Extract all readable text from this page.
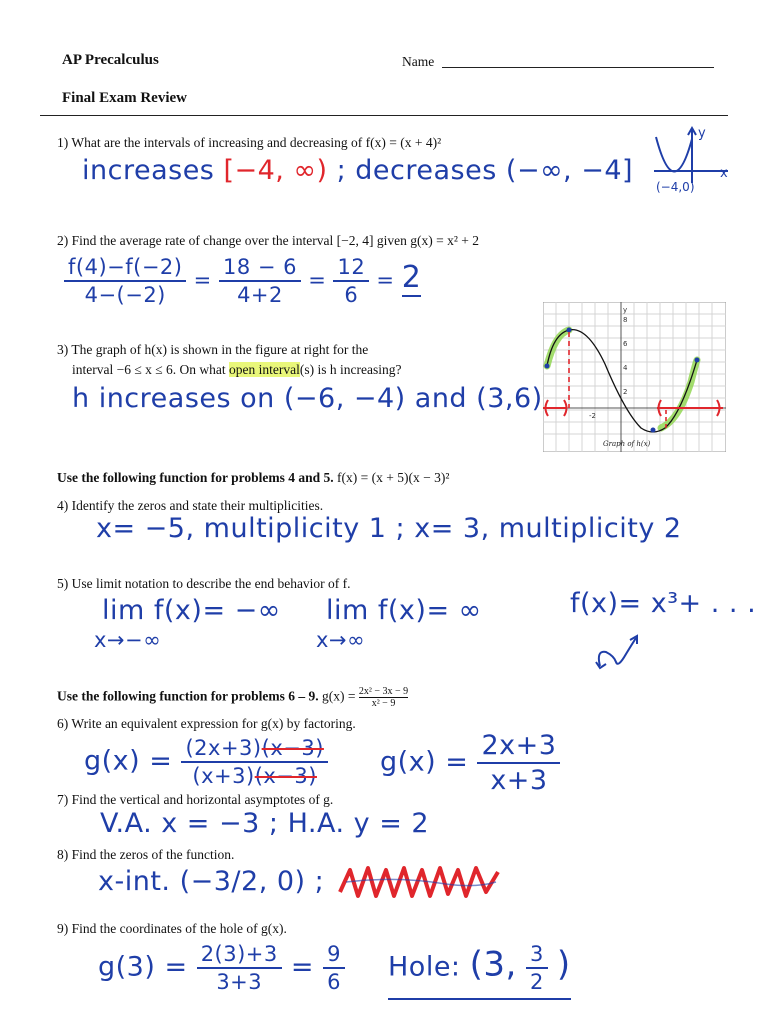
AP Precalculus	Name
Final Exam Review
1) What are the intervals of increasing and decreasing of f(x) = (x + 4)²
increases [−4, ∞) ; decreases (−∞, −4]
y
x
(−4,0)
2) Find the average rate of change over the interval [−2, 4] given g(x) = x² + 2
$\frac{f(4)-f(-2)}{4-(-2)} = \frac{18 - 6}{4+2} = \frac{12}{6} = 2$
3) The graph of h(x) is shown in the figure at right for the
interval −6 ≤ x ≤ 6. On what open interval(s) is h increasing?
h increases on (−6, −4) and (3,6)
y
8
6
4
2
-2
Graph of h(x)
Use the following function for problems 4 and 5. f(x) = (x + 5)(x − 3)²
4) Identify the zeros and state their multiplicities.
x= −5, multiplicity 1 ; x= 3, multiplicity 2
5) Use limit notation to describe the end behavior of f.
lim f(x)= −∞
x→−∞
lim f(x)= ∞
x→∞
f(x)= x³+ . . .
Use the following function for problems 6 – 9. $g(x) = \frac{\text{2x² − 3x − 9}}{\text{x² − 9}}$
6) Write an equivalent expression for g(x) by factoring.
$g(x) = \frac{(2x+3)(x-3)}{(x+3)(x-3)} g(x) = \frac{2x+3}{x+3}$
7) Find the vertical and horizontal asymptotes of g.
V.A. x = −3 ; H.A. y = 2
8) Find the zeros of the function.
x-int. (−3/2, 0) ;
9) Find the coordinates of the hole of g(x).
$g(3) = \frac{2(3)+3}{3+3} = \frac{9}{6}$ Hole: (3, $\frac{3}{2}$ )
